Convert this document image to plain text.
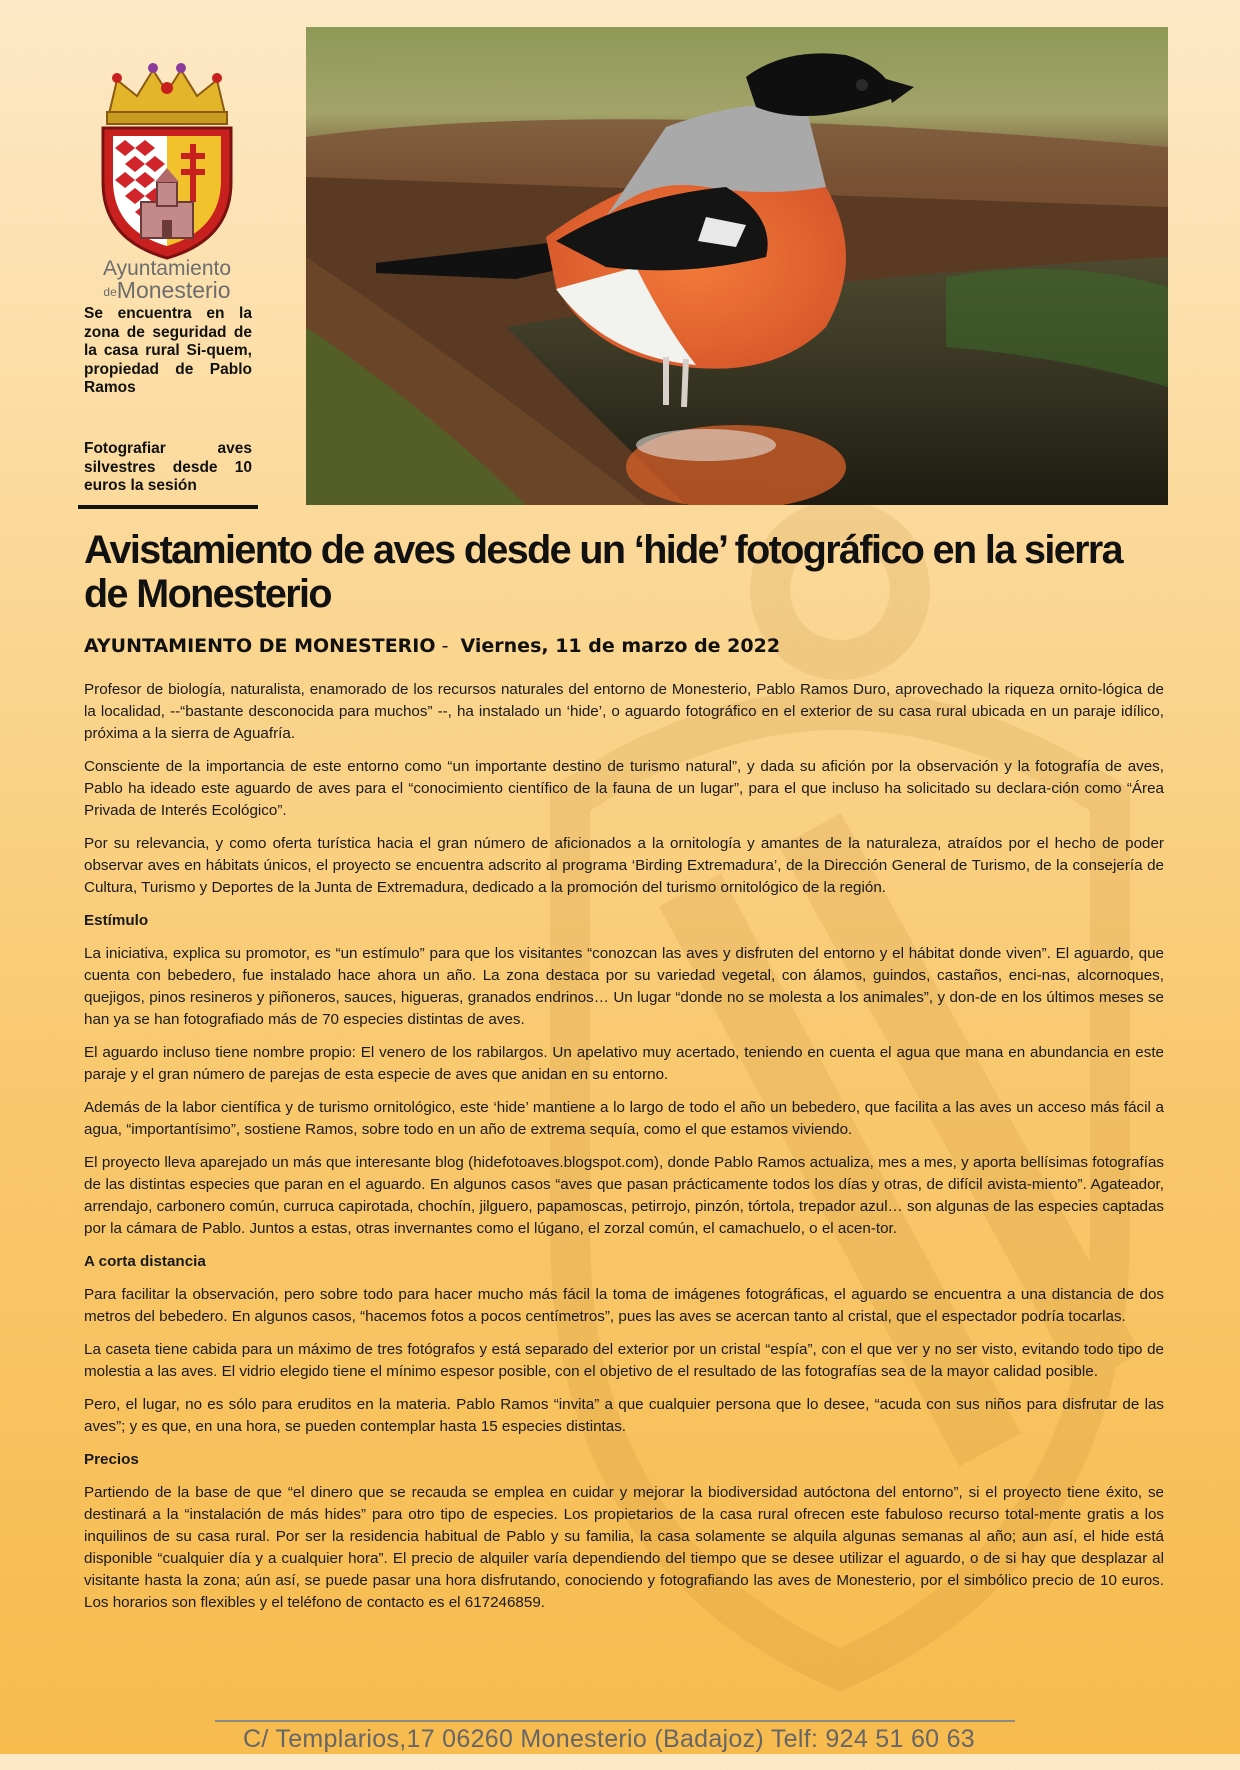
Ayuntamiento
deMonesterio
Se encuentra en la zona de seguridad de la casa rural Si-quem, propiedad de Pablo Ramos
Fotografiar aves silvestres desde 10 euros la sesión
Avistamiento de aves desde un ‘hide’ fotográfico en la sierra de Monesterio
AYUNTAMIENTO DE MONESTERIO -  Viernes, 11 de marzo de 2022

Profesor de biología, naturalista, enamorado de los recursos naturales del entorno de Monesterio, Pablo Ramos Duro, aprovechado la riqueza ornito-lógica de la localidad, --“bastante desconocida para muchos” --, ha instalado un ‘hide’, o aguardo fotográfico en el exterior de su casa rural ubicada en un paraje idílico, próxima a la sierra de Aguafría.

Consciente de la importancia de este entorno como “un importante destino de turismo natural”, y dada su afición por la observación y la fotografía de aves, Pablo ha ideado este aguardo de aves para el “conocimiento científico de la fauna de un lugar”, para el que incluso ha solicitado su declara-ción como “Área Privada de Interés Ecológico”.

Por su relevancia, y como oferta turística hacia el gran número de aficionados a la ornitología y amantes de la naturaleza, atraídos por el hecho de poder observar aves en hábitats únicos, el proyecto se encuentra adscrito al programa ‘Birding Extremadura’, de la Dirección General de Turismo, de la consejería de Cultura, Turismo y Deportes de la Junta de Extremadura, dedicado a la promoción del turismo ornitológico de la región.

Estímulo

La iniciativa, explica su promotor, es “un estímulo” para que los visitantes “conozcan las aves y disfruten del entorno y el hábitat donde viven”. El aguardo, que cuenta con bebedero, fue instalado hace ahora un año. La zona destaca por su variedad vegetal, con álamos, guindos, castaños, enci-nas, alcornoques, quejigos, pinos resineros y piñoneros, sauces, higueras, granados endrinos… Un lugar “donde no se molesta a los animales”, y don-de en los últimos meses se han ya se han fotografiado más de 70 especies distintas de aves.

El aguardo incluso tiene nombre propio: El venero de los rabilargos. Un apelativo muy acertado, teniendo en cuenta el agua que mana en abundancia en este paraje y el gran número de parejas de esta especie de aves que anidan en su entorno.

Además de la labor científica y de turismo ornitológico, este ‘hide’ mantiene a lo largo de todo el año un bebedero, que facilita a las aves un acceso más fácil a agua, “importantísimo”, sostiene Ramos, sobre todo en un año de extrema sequía, como el que estamos viviendo.

El proyecto lleva aparejado un más que interesante blog (hidefotoaves.blogspot.com), donde Pablo Ramos actualiza, mes a mes, y aporta bellísimas fotografías de las distintas especies que paran en el aguardo. En algunos casos “aves que pasan prácticamente todos los días y otras, de difícil avista-miento”. Agateador, arrendajo, carbonero común, curruca capirotada, chochín, jilguero, papamoscas, petirrojo, pinzón, tórtola, trepador azul… son algunas de las especies captadas por la cámara de Pablo. Juntos a estas, otras invernantes como el lúgano, el zorzal común, el camachuelo, o el acen-tor.

A corta distancia

Para facilitar la observación, pero sobre todo para hacer mucho más fácil la toma de imágenes fotográficas, el aguardo se encuentra a una distancia de dos metros del bebedero. En algunos casos, “hacemos fotos a pocos centímetros”, pues las aves se acercan tanto al cristal, que el espectador podría tocarlas.

La caseta tiene cabida para un máximo de tres fotógrafos y está separado del exterior por un cristal “espía”, con el que ver y no ser visto, evitando todo tipo de molestia a las aves. El vidrio elegido tiene el mínimo espesor posible, con el objetivo de el resultado de las fotografías sea de la mayor calidad posible.

Pero, el lugar, no es sólo para eruditos en la materia. Pablo Ramos “invita” a que cualquier persona que lo desee, “acuda con sus niños para disfrutar de las aves”; y es que, en una hora, se pueden contemplar hasta 15 especies distintas.

Precios

Partiendo de la base de que “el dinero que se recauda se emplea en cuidar y mejorar la biodiversidad autóctona del entorno”, si el proyecto tiene éxito, se destinará a la “instalación de más hides” para otro tipo de especies. Los propietarios de la casa rural ofrecen este fabuloso recurso total-mente gratis a los inquilinos de su casa rural. Por ser la residencia habitual de Pablo y su familia, la casa solamente se alquila algunas semanas al año; aun así, el hide está disponible “cualquier día y a cualquier hora”. El precio de alquiler varía dependiendo del tiempo que se desee utilizar el aguardo, o de si hay que desplazar al visitante hasta la zona; aún así, se puede pasar una hora disfrutando, conociendo y fotografiando las aves de Monesterio, por el simbólico precio de 10 euros. Los horarios son flexibles y el teléfono de contacto es el 617246859.

C/ Templarios,17 06260 Monesterio (Badajoz) Telf: 924 51 60 63
